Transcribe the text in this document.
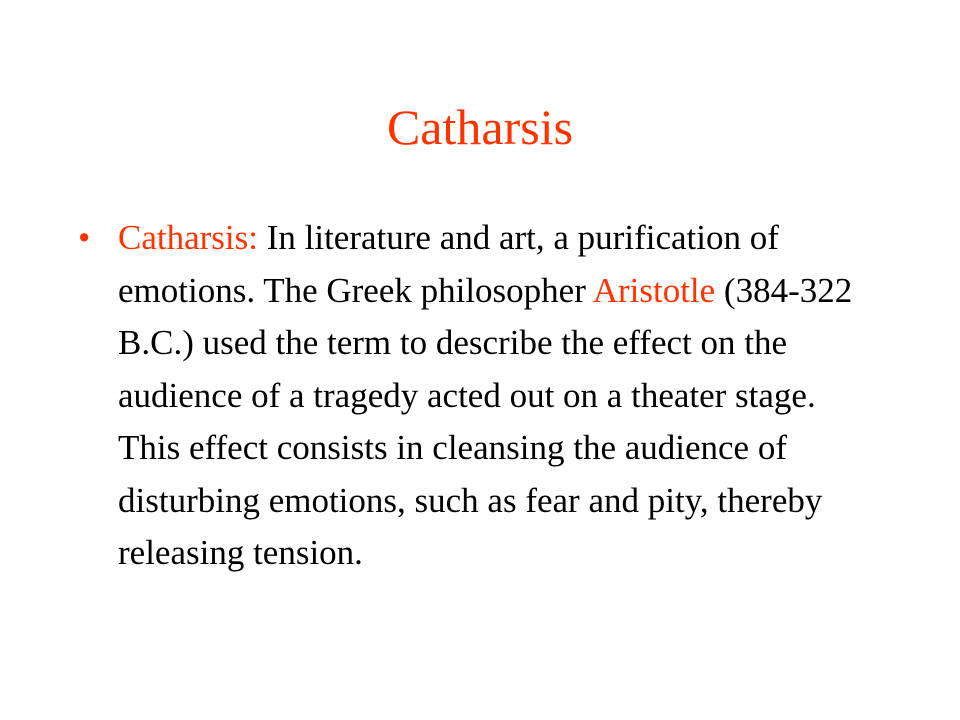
Catharsis
• Catharsis: In literature and art, a purification of emotions. The Greek philosopher Aristotle (384-322 B.C.) used the term to describe the effect on the audience of a tragedy acted out on a theater stage. This effect consists in cleansing the audience of disturbing emotions, such as fear and pity, thereby releasing tension.
